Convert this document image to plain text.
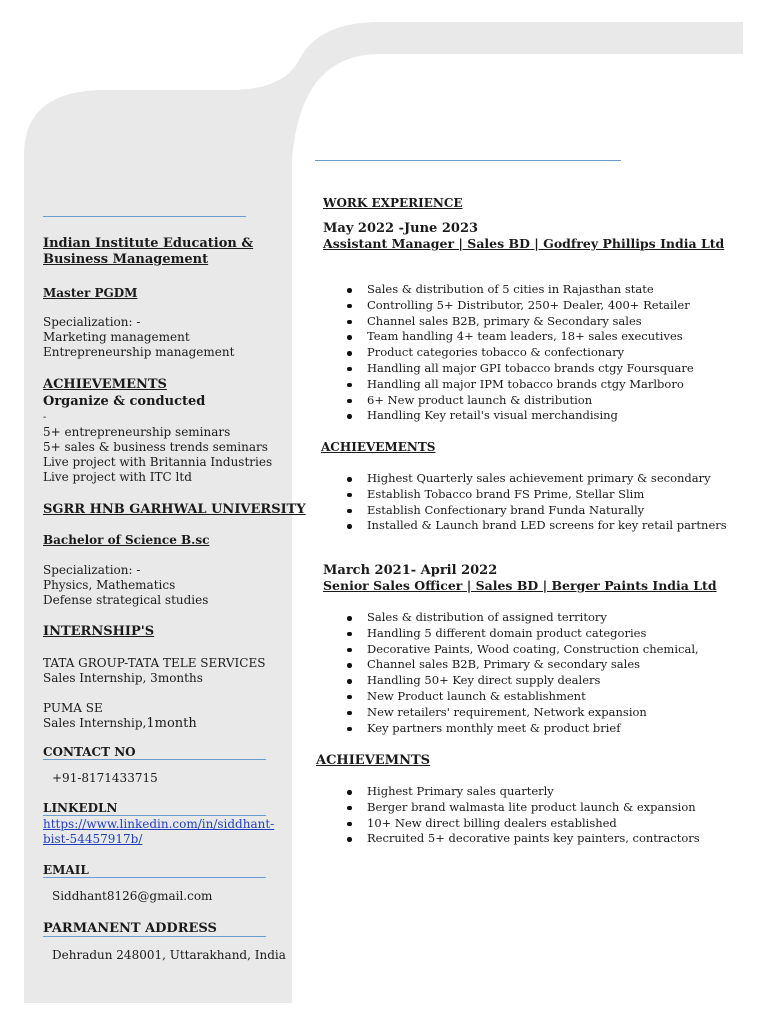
Indian Institute Education &
Business Management
Master PGDM
Specialization: -
Marketing management
Entrepreneurship management
ACHIEVEMENTS
Organize & conducted
-
5+ entrepreneurship seminars
5+ sales & business trends seminars
Live project with Britannia Industries
Live project with ITC ltd
SGRR HNB GARHWAL UNIVERSITY
Bachelor of Science B.sc
Specialization: -
Physics, Mathematics
Defense strategical studies
INTERNSHIP'S
TATA GROUP-TATA TELE SERVICES
Sales Internship, 3months
PUMA SE
Sales Internship,1month
CONTACT NO
+91-8171433715
LINKEDLN
https://www.linkedin.com/in/siddhant-
bist-54457917b/
EMAIL
Siddhant8126@gmail.com
PARMANENT ADDRESS
Dehradun 248001, Uttarakhand, India
WORK EXPERIENCE
May 2022 -June 2023
Assistant Manager | Sales BD | Godfrey Phillips India Ltd
Sales & distribution of 5 cities in Rajasthan state
Controlling 5+ Distributor, 250+ Dealer, 400+ Retailer
Channel sales B2B, primary & Secondary sales
Team handling 4+ team leaders, 18+ sales executives
Product categories tobacco & confectionary
Handling all major GPI tobacco brands ctgy Foursquare
Handling all major IPM tobacco brands ctgy Marlboro
6+ New product launch & distribution
Handling Key retail's visual merchandising
ACHIEVEMENTS
Highest Quarterly sales achievement primary & secondary
Establish Tobacco brand FS Prime, Stellar Slim
Establish Confectionary brand Funda Naturally
Installed & Launch brand LED screens for key retail partners
March 2021- April 2022
Senior Sales Officer | Sales BD | Berger Paints India Ltd
Sales & distribution of assigned territory
Handling 5 different domain product categories
Decorative Paints, Wood coating, Construction chemical,
Channel sales B2B, Primary & secondary sales
Handling 50+ Key direct supply dealers
New Product launch & establishment
New retailers' requirement, Network expansion
Key partners monthly meet & product brief
ACHIEVEMNTS
Highest Primary sales quarterly
Berger brand walmasta lite product launch & expansion
10+ New direct billing dealers established
Recruited 5+ decorative paints key painters, contractors
